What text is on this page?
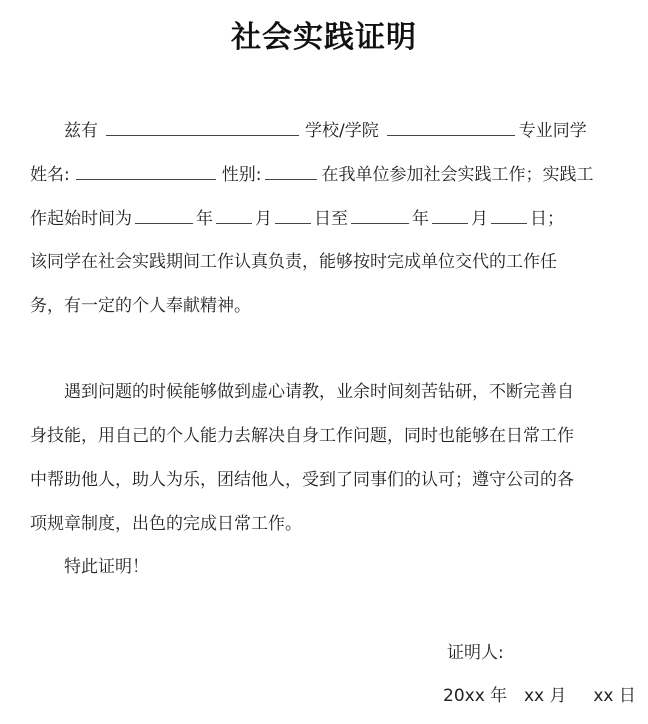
社会实践证明
兹有	学校/学院	专业同学
姓名:	性别:	在我单位参加社会实践工作；实践工
作起始时间为	年 月 日至	年 月 日；
该同学在社会实践期间工作认真负责，能够按时完成单位交代的工作任
务，有一定的个人奉献精神。
遇到问题的时候能够做到虚心请教，业余时间刻苦钻研，不断完善自
身技能，用自己的个人能力去解决自身工作问题，同时也能够在日常工作
中帮助他人，助人为乐，团结他人，受到了同事们的认可；遵守公司的各
项规章制度，出色的完成日常工作。
特此证明！
证明人:
20xx 年 xx 月 xx 日
